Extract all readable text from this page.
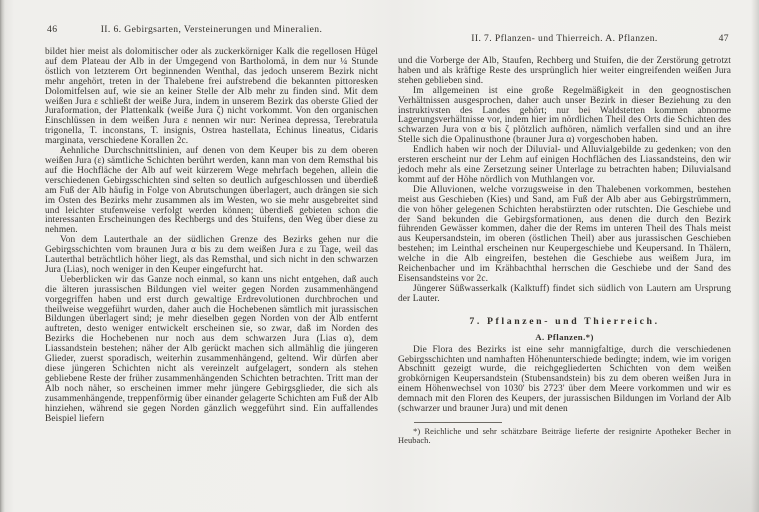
46	II. 6. Gebirgsarten, Versteinerungen und Mineralien.

bildet hier meist als dolomitischer oder als zuckerkörniger Kalk die regellosen Hügel auf dem Plateau der Alb in der Umgegend von Bartholomä, in dem nur ¼ Stunde östlich von letzterem Ort beginnenden Wenthal, das jedoch unserem Bezirk nicht mehr angehört, treten in der Thalebene frei aufstrebend die bekannten pittoresken Dolomitfelsen auf, wie sie an keiner Stelle der Alb mehr zu finden sind. Mit dem weißen Jura ε schließt der weiße Jura, indem in unserem Bezirk das oberste Glied der Juraformation, der Plattenkalk (weiße Jura ζ) nicht vorkommt. Von den organischen Einschlüssen in dem weißen Jura ε nennen wir nur: Nerinea depressa, Terebratula trigonella, T. inconstans, T. insignis, Ostrea hastellata, Echinus lineatus, Cidaris marginata, verschiedene Korallen 2c.

Aehnliche Durchschnittslinien, auf denen von dem Keuper bis zu dem oberen weißen Jura (ε) sämtliche Schichten berührt werden, kann man von dem Remsthal bis auf die Hochfläche der Alb auf weit kürzerem Wege mehrfach begehen, allein die verschiedenen Gebirgsschichten sind selten so deutlich aufgeschlossen und überdieß am Fuß der Alb häufig in Folge von Abrutschungen überlagert, auch drängen sie sich im Osten des Bezirks mehr zusammen als im Westen, wo sie mehr ausgebreitet sind und leichter stufenweise verfolgt werden können; überdieß gebieten schon die interessanten Erscheinungen des Rechbergs und des Stuifens, den Weg über diese zu nehmen.

Von dem Lauterthale an der südlichen Grenze des Bezirks gehen nur die Gebirgsschichten vom braunen Jura α bis zu dem weißen Jura ε zu Tage, weil das Lauterthal beträchtlich höher liegt, als das Remsthal, und sich nicht in den schwarzen Jura (Lias), noch weniger in den Keuper eingefurcht hat.

Ueberblicken wir das Ganze noch einmal, so kann uns nicht entgehen, daß auch die älteren jurassischen Bildungen viel weiter gegen Norden zusammenhängend vorgegriffen haben und erst durch gewaltige Erdrevolutionen durchbrochen und theilweise weggeführt wurden, daher auch die Hochebenen sämtlich mit jurassischen Bildungen überlagert sind; je mehr dieselben gegen Norden von der Alb entfernt auftreten, desto weniger entwickelt erscheinen sie, so zwar, daß im Norden des Bezirks die Hochebenen nur noch aus dem schwarzen Jura (Lias α), dem Liassandstein bestehen; näher der Alb gerückt machen sich allmählig die jüngeren Glieder, zuerst sporadisch, weiterhin zusammenhängend, geltend. Wir dürfen aber diese jüngeren Schichten nicht als vereinzelt aufgelagert, sondern als stehen gebliebene Reste der früher zusammenhängenden Schichten betrachten. Tritt man der Alb noch näher, so erscheinen immer mehr jüngere Gebirgsglieder, die sich als zusammenhängende, treppenförmig über einander gelagerte Schichten am Fuß der Alb hinziehen, während sie gegen Norden gänzlich weggeführt sind. Ein auffallendes Beispiel liefern

II. 7. Pflanzen- und Thierreich. A. Pflanzen.	47

und die Vorberge der Alb, Staufen, Rechberg und Stuifen, die der Zerstörung getrotzt haben und als kräftige Reste des ursprünglich hier weiter eingreifenden weißen Jura stehen geblieben sind.

Im allgemeinen ist eine große Regelmäßigkeit in den geognostischen Verhältnissen ausgesprochen, daher auch unser Bezirk in dieser Beziehung zu den instruktivsten des Landes gehört; nur bei Waldstetten kommen abnorme Lagerungsverhältnisse vor, indem hier im nördlichen Theil des Orts die Schichten des schwarzen Jura von α bis ζ plötzlich aufhören, nämlich verfallen sind und an ihre Stelle sich die Opalinusthone (brauner Jura α) vorgeschoben haben.

Endlich haben wir noch der Diluvial- und Alluvialgebilde zu gedenken; von den ersteren erscheint nur der Lehm auf einigen Hochflächen des Liassandsteins, den wir jedoch mehr als eine Zersetzung seiner Unterlage zu betrachten haben; Diluvialsand kommt auf der Höhe nördlich von Muthlangen vor.

Die Alluvionen, welche vorzugsweise in den Thalebenen vorkommen, bestehen meist aus Geschieben (Kies) und Sand, am Fuß der Alb aber aus Gebirgstrümmern, die von höher gelegenen Schichten herabstürzten oder rutschten. Die Geschiebe und der Sand bekunden die Gebirgsformationen, aus denen die durch den Bezirk führenden Gewässer kommen, daher die der Rems im unteren Theil des Thals meist aus Keupersandstein, im oberen (östlichen Theil) aber aus jurassischen Geschieben bestehen; im Leinthal erscheinen nur Keupergeschiebe und Keupersand. In Thälern, welche in die Alb eingreifen, bestehen die Geschiebe aus weißem Jura, im Reichenbacher und im Krähbachthal herrschen die Geschiebe und der Sand des Eisensandsteins vor 2c.

Jüngerer Süßwasserkalk (Kalktuff) findet sich südlich von Lautern am Ursprung der Lauter.

7. Pflanzen- und Thierreich.
A. Pflanzen.*)

Die Flora des Bezirks ist eine sehr mannigfaltige, durch die verschiedenen Gebirgsschichten und namhaften Höhenunterschiede bedingte; indem, wie im vorigen Abschnitt gezeigt wurde, die reichgegliederten Schichten von dem weißen grobkörnigen Keupersandstein (Stubensandstein) bis zu dem oberen weißen Jura in einem Höhenwechsel von 1030' bis 2723' über dem Meere vorkommen und wir es demnach mit den Floren des Keupers, der jurassischen Bildungen im Vorland der Alb (schwarzer und brauner Jura) und mit denen

*) Reichliche und sehr schätzbare Beiträge lieferte der resignirte Apotheker Becher in Heubach.
